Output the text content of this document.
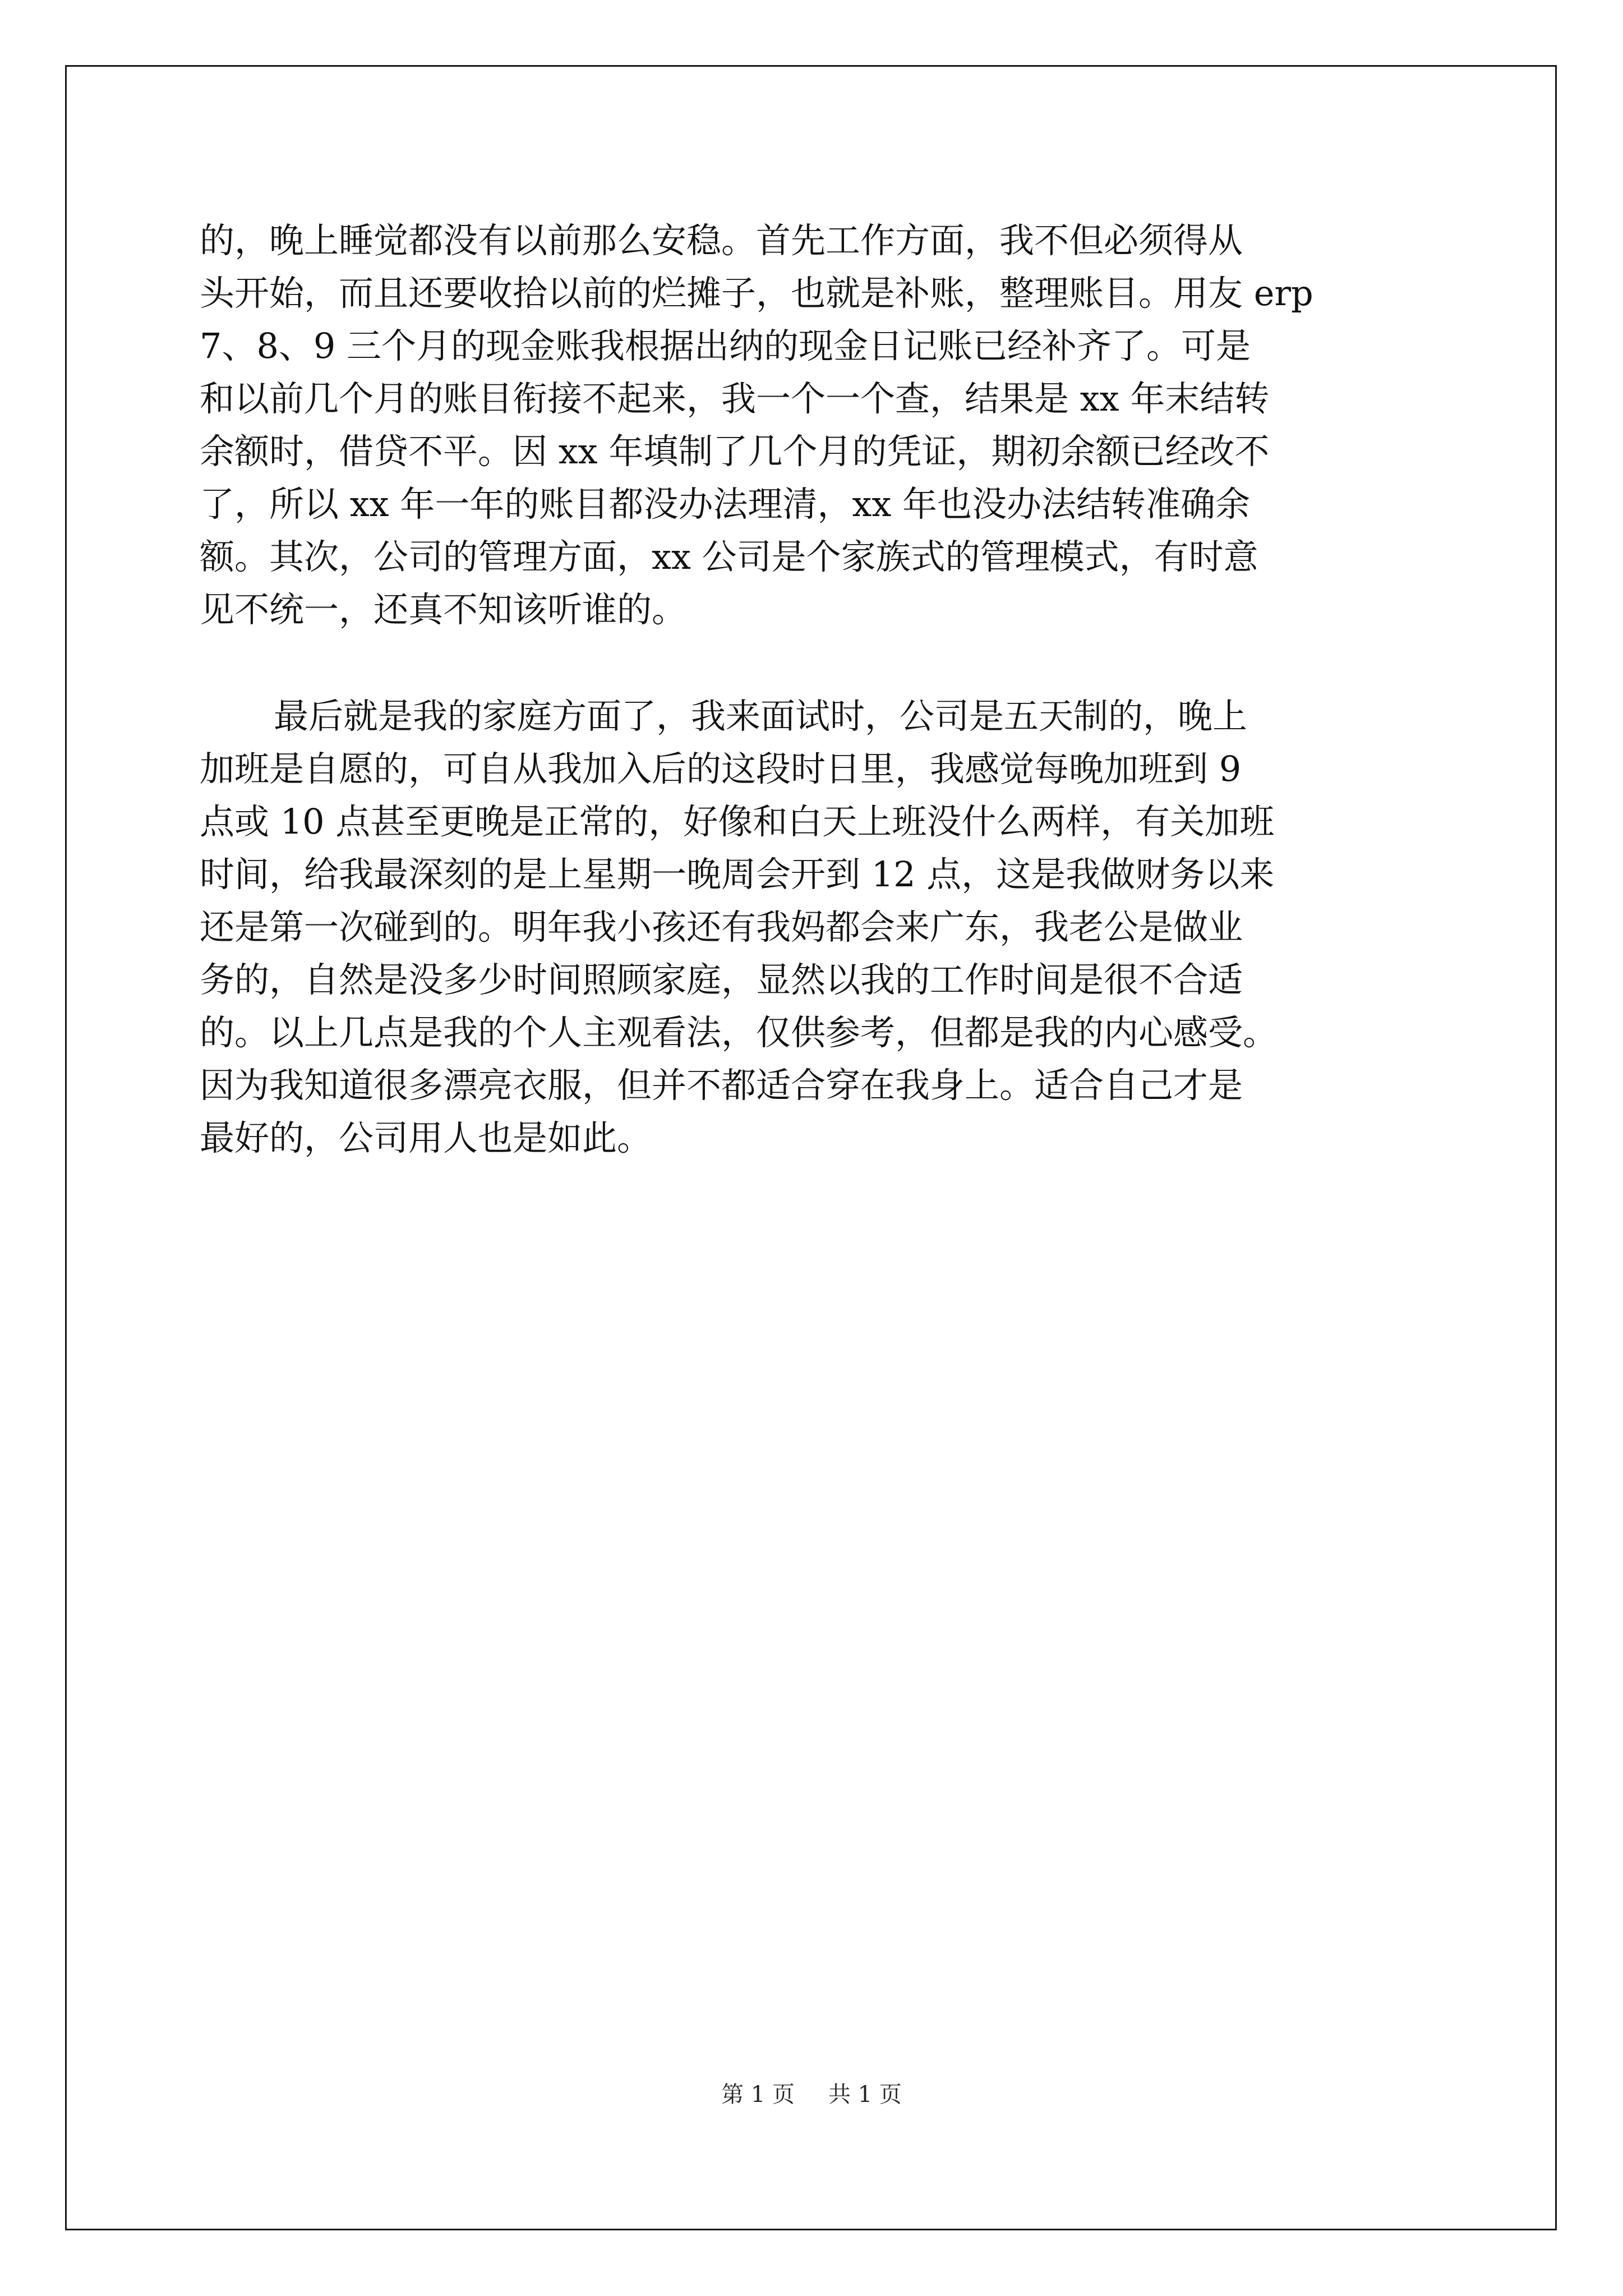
的，晚上睡觉都没有以前那么安稳。首先工作方面，我不但必须得从
头开始，而且还要收拾以前的烂摊子，也就是补账，整理账目。用友 erp
7、8、9 三个月的现金账我根据出纳的现金日记账已经补齐了。可是
和以前几个月的账目衔接不起来，我一个一个查，结果是 xx 年末结转
余额时，借贷不平。因 xx 年填制了几个月的凭证，期初余额已经改不
了，所以 xx 年一年的账目都没办法理清，xx 年也没办法结转准确余
额。其次，公司的管理方面，xx 公司是个家族式的管理模式，有时意
见不统一，还真不知该听谁的。
最后就是我的家庭方面了，我来面试时，公司是五天制的，晚上
加班是自愿的，可自从我加入后的这段时日里，我感觉每晚加班到 9
点或 10 点甚至更晚是正常的，好像和白天上班没什么两样，有关加班
时间，给我最深刻的是上星期一晚周会开到 12 点，这是我做财务以来
还是第一次碰到的。明年我小孩还有我妈都会来广东，我老公是做业
务的，自然是没多少时间照顾家庭，显然以我的工作时间是很不合适
的。以上几点是我的个人主观看法，仅供参考，但都是我的内心感受。
因为我知道很多漂亮衣服，但并不都适合穿在我身上。适合自己才是
最好的，公司用人也是如此。
第 1 页 共 1 页
